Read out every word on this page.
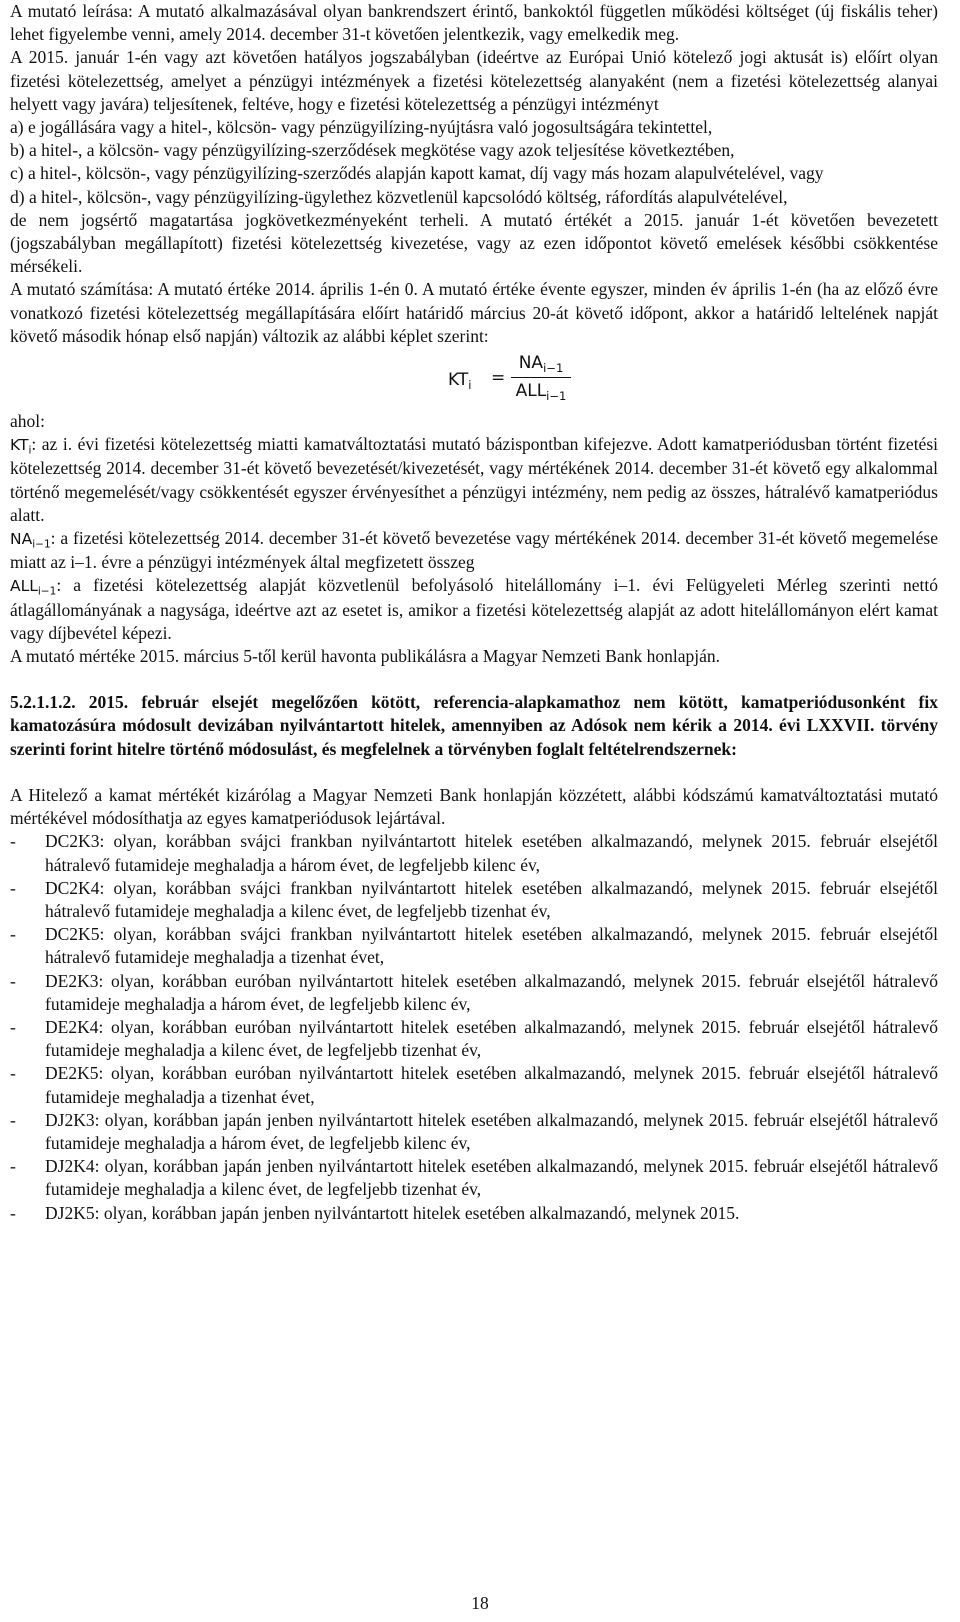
A mutató leírása: A mutató alkalmazásával olyan bankrendszert érintő, bankoktól független működési költséget (új fiskális teher) lehet figyelembe venni, amely 2014. december 31-t követően jelentkezik, vagy emelkedik meg.

A 2015. január 1-én vagy azt követően hatályos jogszabályban (ideértve az Európai Unió kötelező jogi aktusát is) előírt olyan fizetési kötelezettség, amelyet a pénzügyi intézmények a fizetési kötelezettség alanyaként (nem a fizetési kötelezettség alanyai helyett vagy javára) teljesítenek, feltéve, hogy e fizetési kötelezettség a pénzügyi intézményt

a) e jogállására vagy a hitel-, kölcsön- vagy pénzügyilízing-nyújtásra való jogosultságára tekintettel,

b) a hitel-, a kölcsön- vagy pénzügyilízing-szerződések megkötése vagy azok teljesítése következtében,

c) a hitel-, kölcsön-, vagy pénzügyilízing-szerződés alapján kapott kamat, díj vagy más hozam alapulvételével, vagy

d) a hitel-, kölcsön-, vagy pénzügyilízing-ügylethez közvetlenül kapcsolódó költség, ráfordítás alapulvételével,

de nem jogsértő magatartása jogkövetkezményeként terheli. A mutató értékét a 2015. január 1-ét követően bevezetett (jogszabályban megállapított) fizetési kötelezettség kivezetése, vagy az ezen időpontot követő emelések későbbi csökkentése mérsékeli.

A mutató számítása: A mutató értéke 2014. április 1-én 0. A mutató értéke évente egyszer, minden év április 1-én (ha az előző évre vonatkozó fizetési kötelezettség megállapítására előírt határidő március 20-át követő időpont, akkor a határidő leltelének napját követő második hónap első napján) változik az alábbi képlet szerint:

$KT_i$ =
$NA_{i-1}$
$ALL_{i-1}$

ahol:

$KT_i$: az i. évi fizetési kötelezettség miatti kamatváltoztatási mutató bázispontban kifejezve. Adott kamatperiódusban történt fizetési kötelezettség 2014. december 31-ét követő bevezetését/kivezetését, vagy mértékének 2014. december 31-ét követő egy alkalommal történő megemelését/vagy csökkentését egyszer érvényesíthet a pénzügyi intézmény, nem pedig az összes, hátralévő kamatperiódus alatt.

$NA_{i-1}$: a fizetési kötelezettség 2014. december 31-ét követő bevezetése vagy mértékének 2014. december 31-ét követő megemelése miatt az i–1. évre a pénzügyi intézmények által megfizetett összeg

$ALL_{i-1}$: a fizetési kötelezettség alapját közvetlenül befolyásoló hitelállomány i–1. évi Felügyeleti Mérleg szerinti nettó átlagállományának a nagysága, ideértve azt az esetet is, amikor a fizetési kötelezettség alapját az adott hitelállományon elért kamat vagy díjbevétel képezi.

A mutató mértéke 2015. március 5-től kerül havonta publikálásra a Magyar Nemzeti Bank honlapján.

5.2.1.1.2. 2015. február elsejét megelőzően kötött, referencia-alapkamathoz nem kötött, kamatperiódusonként fix kamatozásúra módosult devizában nyilvántartott hitelek, amennyiben az Adósok nem kérik a 2014. évi LXXVII. törvény szerinti forint hitelre történő módosulást, és megfelelnek a törvényben foglalt feltételrendszernek:

A Hitelező a kamat mértékét kizárólag a Magyar Nemzeti Bank honlapján közzétett, alábbi kódszámú kamatváltoztatási mutató mértékével módosíthatja az egyes kamatperiódusok lejártával.

- DC2K3: olyan, korábban svájci frankban nyilvántartott hitelek esetében alkalmazandó, melynek 2015. február elsejétől hátralevő futamideje meghaladja a három évet, de legfeljebb kilenc év,
- DC2K4: olyan, korábban svájci frankban nyilvántartott hitelek esetében alkalmazandó, melynek 2015. február elsejétől hátralevő futamideje meghaladja a kilenc évet, de legfeljebb tizenhat év,
- DC2K5: olyan, korábban svájci frankban nyilvántartott hitelek esetében alkalmazandó, melynek 2015. február elsejétől hátralevő futamideje meghaladja a tizenhat évet,
- DE2K3: olyan, korábban euróban nyilvántartott hitelek esetében alkalmazandó, melynek 2015. február elsejétől hátralevő futamideje meghaladja a három évet, de legfeljebb kilenc év,
- DE2K4: olyan, korábban euróban nyilvántartott hitelek esetében alkalmazandó, melynek 2015. február elsejétől hátralevő futamideje meghaladja a kilenc évet, de legfeljebb tizenhat év,
- DE2K5: olyan, korábban euróban nyilvántartott hitelek esetében alkalmazandó, melynek 2015. február elsejétől hátralevő futamideje meghaladja a tizenhat évet,
- DJ2K3: olyan, korábban japán jenben nyilvántartott hitelek esetében alkalmazandó, melynek 2015. február elsejétől hátralevő futamideje meghaladja a három évet, de legfeljebb kilenc év,
- DJ2K4: olyan, korábban japán jenben nyilvántartott hitelek esetében alkalmazandó, melynek 2015. február elsejétől hátralevő futamideje meghaladja a kilenc évet, de legfeljebb tizenhat év,
- DJ2K5: olyan, korábban japán jenben nyilvántartott hitelek esetében alkalmazandó, melynek 2015.
18
